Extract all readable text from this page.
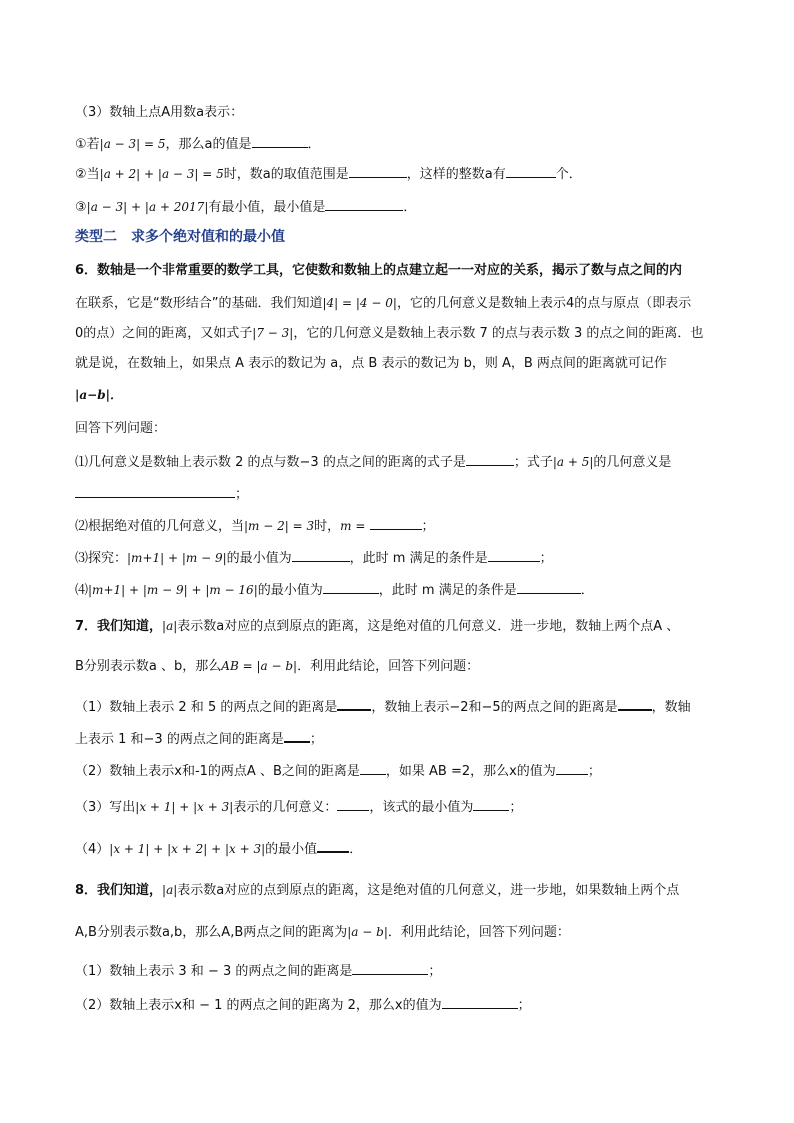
（3）数轴上点A用数a表示：
①若|a − 3| = 5，那么a的值是	．
②当|a + 2| + |a − 3| = 5时，数a的取值范围是	，这样的整数a有	个．
③|a − 3| + |a + 2017|有最小值，最小值是	．
类型二　求多个绝对值和的最小值
6．数轴是一个非常重要的数学工具，它使数和数轴上的点建立起一一对应的关系，揭示了数与点之间的内
在联系，它是“数形结合”的基础．我们知道|4| = |4 − 0|，它的几何意义是数轴上表示4的点与原点（即表示
0的点）之间的距离，又如式子|7 − 3|，它的几何意义是数轴上表示数 7 的点与表示数 3 的点之间的距离．也
就是说，在数轴上，如果点 A 表示的数记为 a，点 B 表示的数记为 b，则 A，B 两点间的距离就可记作
|a−b|．
回答下列问题：
⑴几何意义是数轴上表示数 2 的点与数−3 的点之间的距离的式子是	；式子|a + 5|的几何意义是
；
⑵根据绝对值的几何意义，当|m − 2| = 3时，m =	；
⑶探究：|m+1| + |m − 9|的最小值为	，此时 m 满足的条件是	；
⑷|m+1| + |m − 9| + |m − 16|的最小值为	，此时 m 满足的条件是	．
7．我们知道，|a|表示数a对应的点到原点的距离，这是绝对值的几何意义．进一步地，数轴上两个点A 、
B分别表示数a 、b，那么AB = |a − b|．利用此结论，回答下列问题：
（1）数轴上表示 2 和 5 的两点之间的距离是	，数轴上表示−2和−5的两点之间的距离是	，数轴
上表示 1 和−3 的两点之间的距离是 ；
（2）数轴上表示x和-1的两点A 、B之间的距离是 ，如果 AB =2，那么x的值为 ；
（3）写出|x + 1| + |x + 3|表示的几何意义： ，该式的最小值为	；
（4）|x + 1| + |x + 2| + |x + 3|的最小值 ．
8．我们知道，|a|表示数a对应的点到原点的距离，这是绝对值的几何意义，进一步地，如果数轴上两个点
A,B分别表示数a,b，那么A,B两点之间的距离为|a − b|．利用此结论，回答下列问题：
（1）数轴上表示 3 和 − 3 的两点之间的距离是	；
（2）数轴上表示x和 − 1 的两点之间的距离为 2，那么x的值为	；
